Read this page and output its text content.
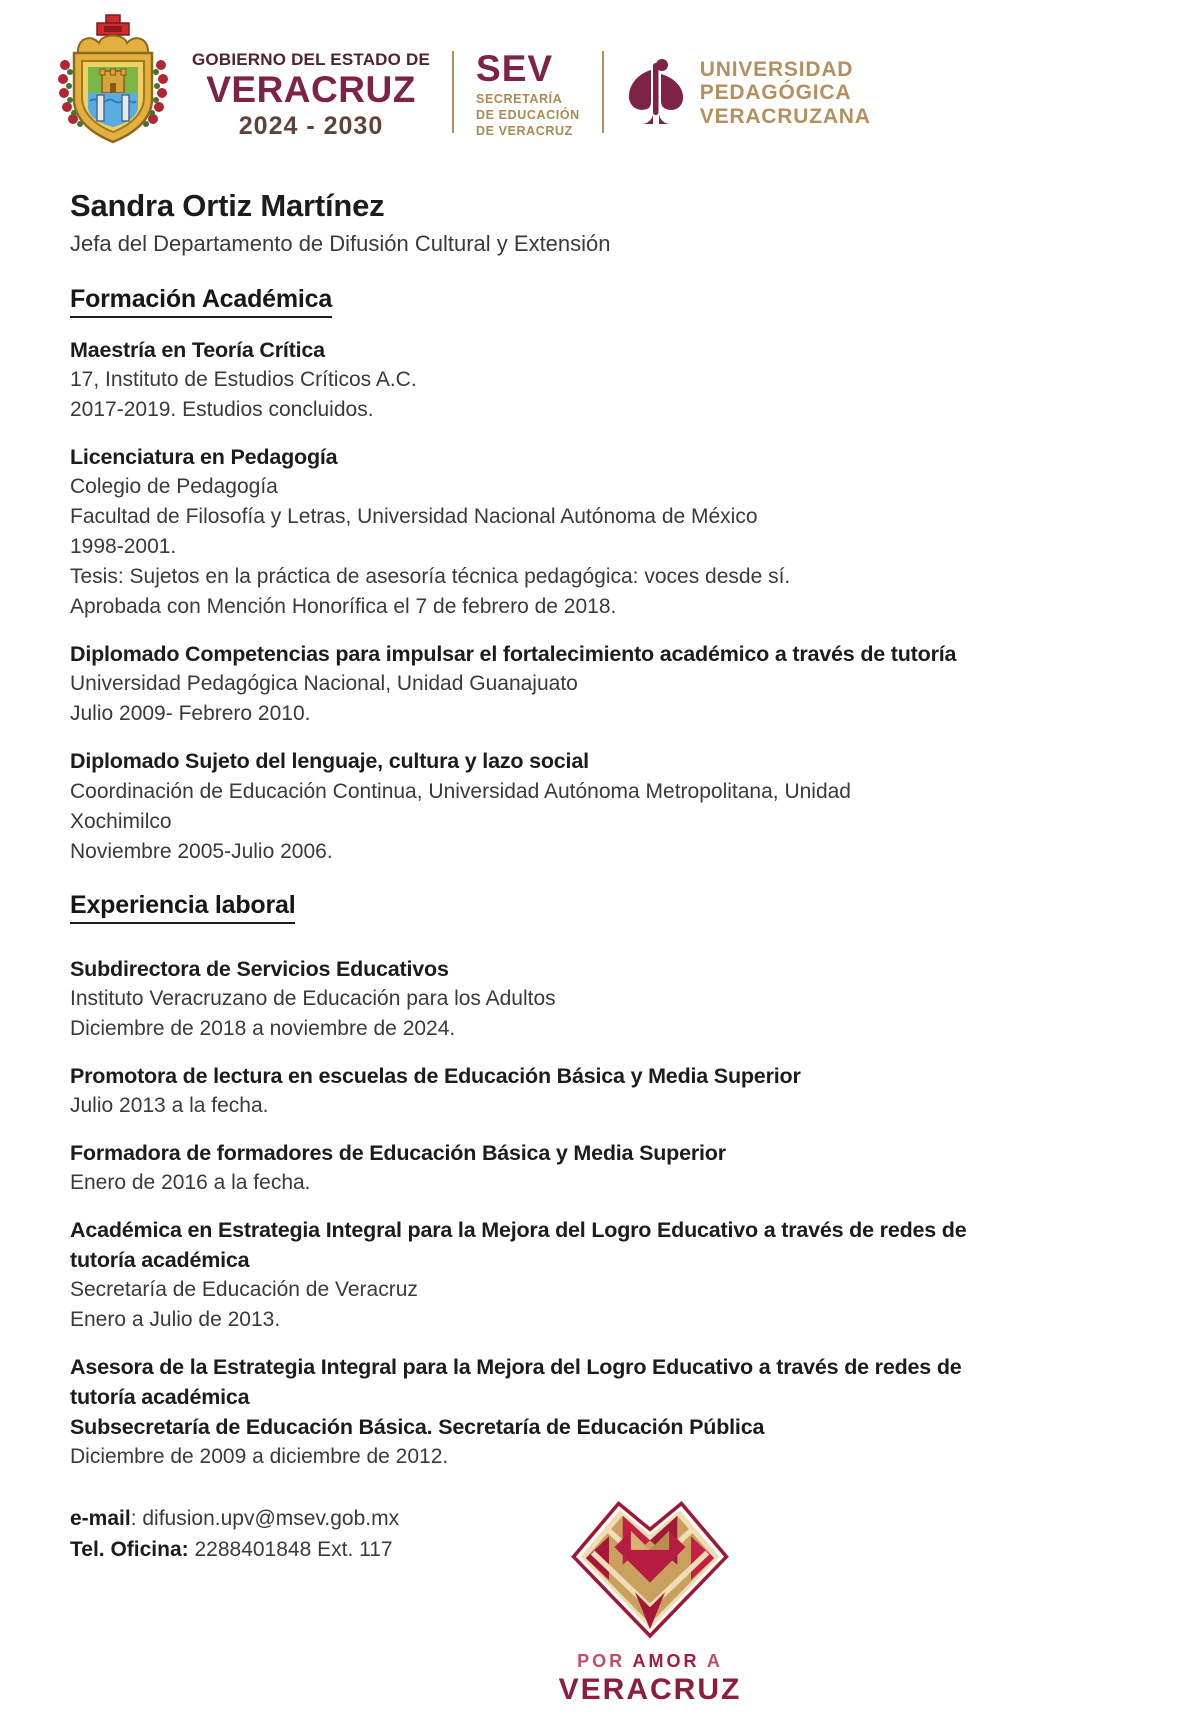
GOBIERNO DEL ESTADO DE
VERACRUZ
2024 - 2030
SEV
SECRETARÍA
DE EDUCACIÓN
DE VERACRUZ
UNIVERSIDAD
PEDAGÓGICA
VERACRUZANA
Sandra Ortiz Martínez
Jefa del Departamento de Difusión Cultural y Extensión
Formación Académica
Maestría en Teoría Crítica
17, Instituto de Estudios Críticos A.C.
2017-2019. Estudios concluidos.
Licenciatura en Pedagogía
Colegio de Pedagogía
Facultad de Filosofía y Letras, Universidad Nacional Autónoma de México
1998-2001.
Tesis: Sujetos en la práctica de asesoría técnica pedagógica: voces desde sí.
Aprobada con Mención Honorífica el 7 de febrero de 2018.
Diplomado Competencias para impulsar el fortalecimiento académico a través de tutoría
Universidad Pedagógica Nacional, Unidad Guanajuato
Julio 2009- Febrero 2010.
Diplomado Sujeto del lenguaje, cultura y lazo social
Coordinación de Educación Continua, Universidad Autónoma Metropolitana, Unidad Xochimilco
Noviembre 2005-Julio 2006.
Experiencia laboral
Subdirectora de Servicios Educativos
Instituto Veracruzano de Educación para los Adultos
Diciembre de 2018 a noviembre de 2024.
Promotora de lectura en escuelas de Educación Básica y Media Superior
Julio 2013 a la fecha.
Formadora de formadores de Educación Básica y Media Superior
Enero de 2016 a la fecha.
Académica en Estrategia Integral para la Mejora del Logro Educativo a través de redes de tutoría académica
Secretaría de Educación de Veracruz
Enero a Julio de 2013.
Asesora de la Estrategia Integral para la Mejora del Logro Educativo a través de redes de tutoría académica
Subsecretaría de Educación Básica. Secretaría de Educación Pública
Diciembre de 2009 a diciembre de 2012.
e-mail: difusion.upv@msev.gob.mx
Tel. Oficina: 2288401848 Ext. 117
POR AMOR A
VERACRUZ
